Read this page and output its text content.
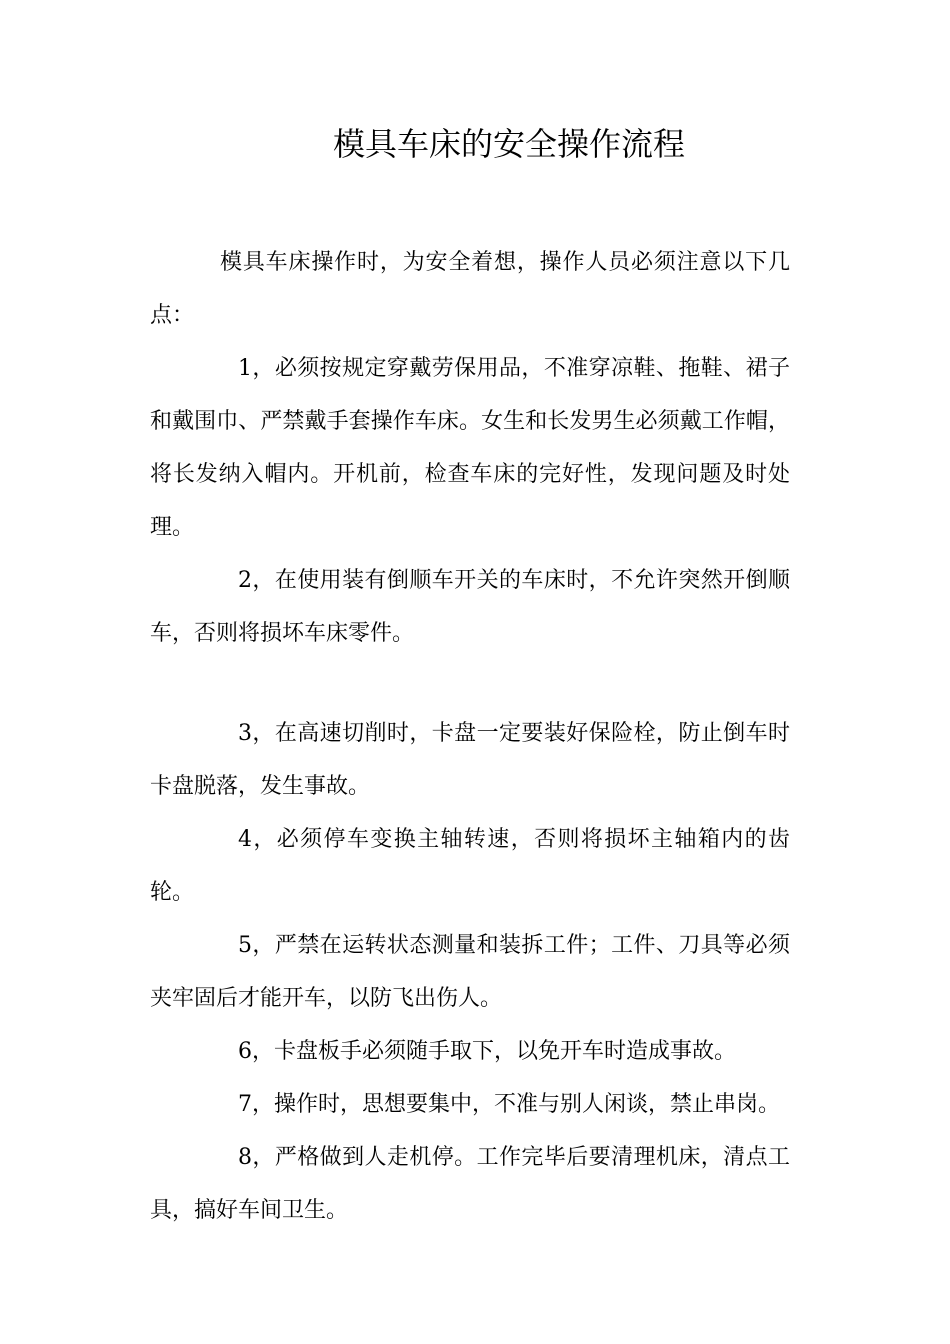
模具车床的安全操作流程

模具车床操作时，为安全着想，操作人员必须注意以下几点：

1，必须按规定穿戴劳保用品，不准穿凉鞋、拖鞋、裙子和戴围巾、严禁戴手套操作车床。女生和长发男生必须戴工作帽，将长发纳入帽内。开机前，检查车床的完好性，发现问题及时处理。

2，在使用装有倒顺车开关的车床时，不允许突然开倒顺车，否则将损坏车床零件。

3，在高速切削时，卡盘一定要装好保险栓，防止倒车时卡盘脱落，发生事故。

4，必须停车变换主轴转速，否则将损坏主轴箱内的齿轮。

5，严禁在运转状态测量和装拆工件；工件、刀具等必须夹牢固后才能开车，以防飞出伤人。

6，卡盘板手必须随手取下，以免开车时造成事故。

7，操作时，思想要集中，不准与别人闲谈，禁止串岗。

8，严格做到人走机停。工作完毕后要清理机床，清点工具，搞好车间卫生。
